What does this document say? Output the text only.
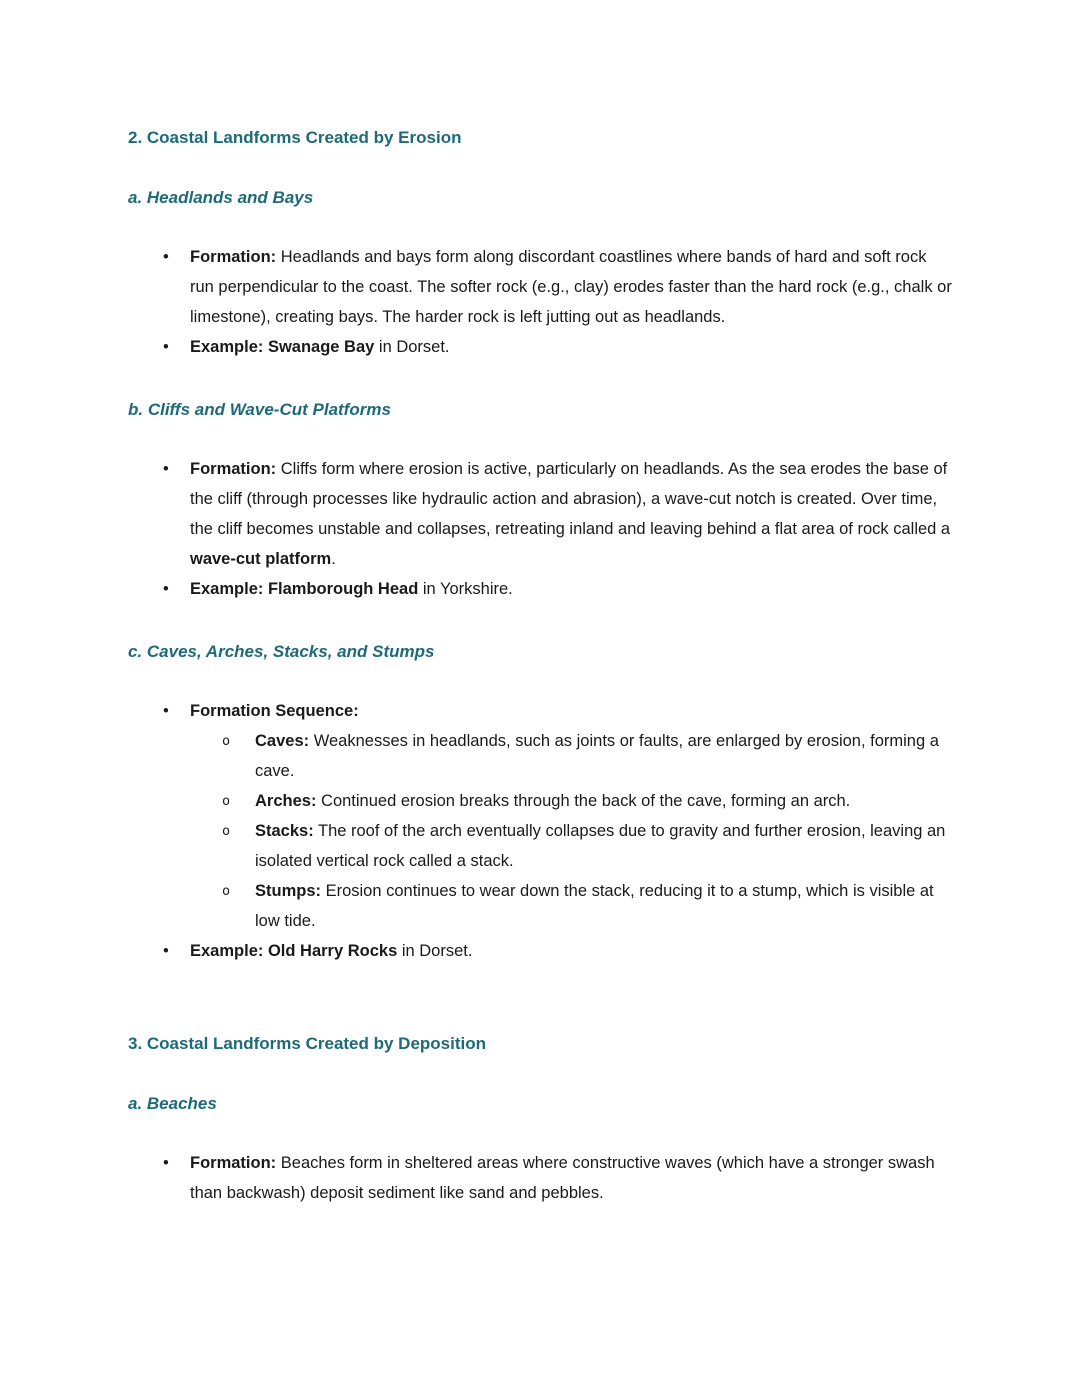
2. Coastal Landforms Created by Erosion
a. Headlands and Bays
• Formation: Headlands and bays form along discordant coastlines where bands of hard and soft rock run perpendicular to the coast. The softer rock (e.g., clay) erodes faster than the hard rock (e.g., chalk or limestone), creating bays. The harder rock is left jutting out as headlands.
• Example: Swanage Bay in Dorset.
b. Cliffs and Wave-Cut Platforms
• Formation: Cliffs form where erosion is active, particularly on headlands. As the sea erodes the base of the cliff (through processes like hydraulic action and abrasion), a wave-cut notch is created. Over time, the cliff becomes unstable and collapses, retreating inland and leaving behind a flat area of rock called a wave-cut platform.
• Example: Flamborough Head in Yorkshire.
c. Caves, Arches, Stacks, and Stumps
• Formation Sequence:
o Caves: Weaknesses in headlands, such as joints or faults, are enlarged by erosion, forming a cave.
o Arches: Continued erosion breaks through the back of the cave, forming an arch.
o Stacks: The roof of the arch eventually collapses due to gravity and further erosion, leaving an isolated vertical rock called a stack.
o Stumps: Erosion continues to wear down the stack, reducing it to a stump, which is visible at low tide.
• Example: Old Harry Rocks in Dorset.
3. Coastal Landforms Created by Deposition
a. Beaches
• Formation: Beaches form in sheltered areas where constructive waves (which have a stronger swash than backwash) deposit sediment like sand and pebbles.
